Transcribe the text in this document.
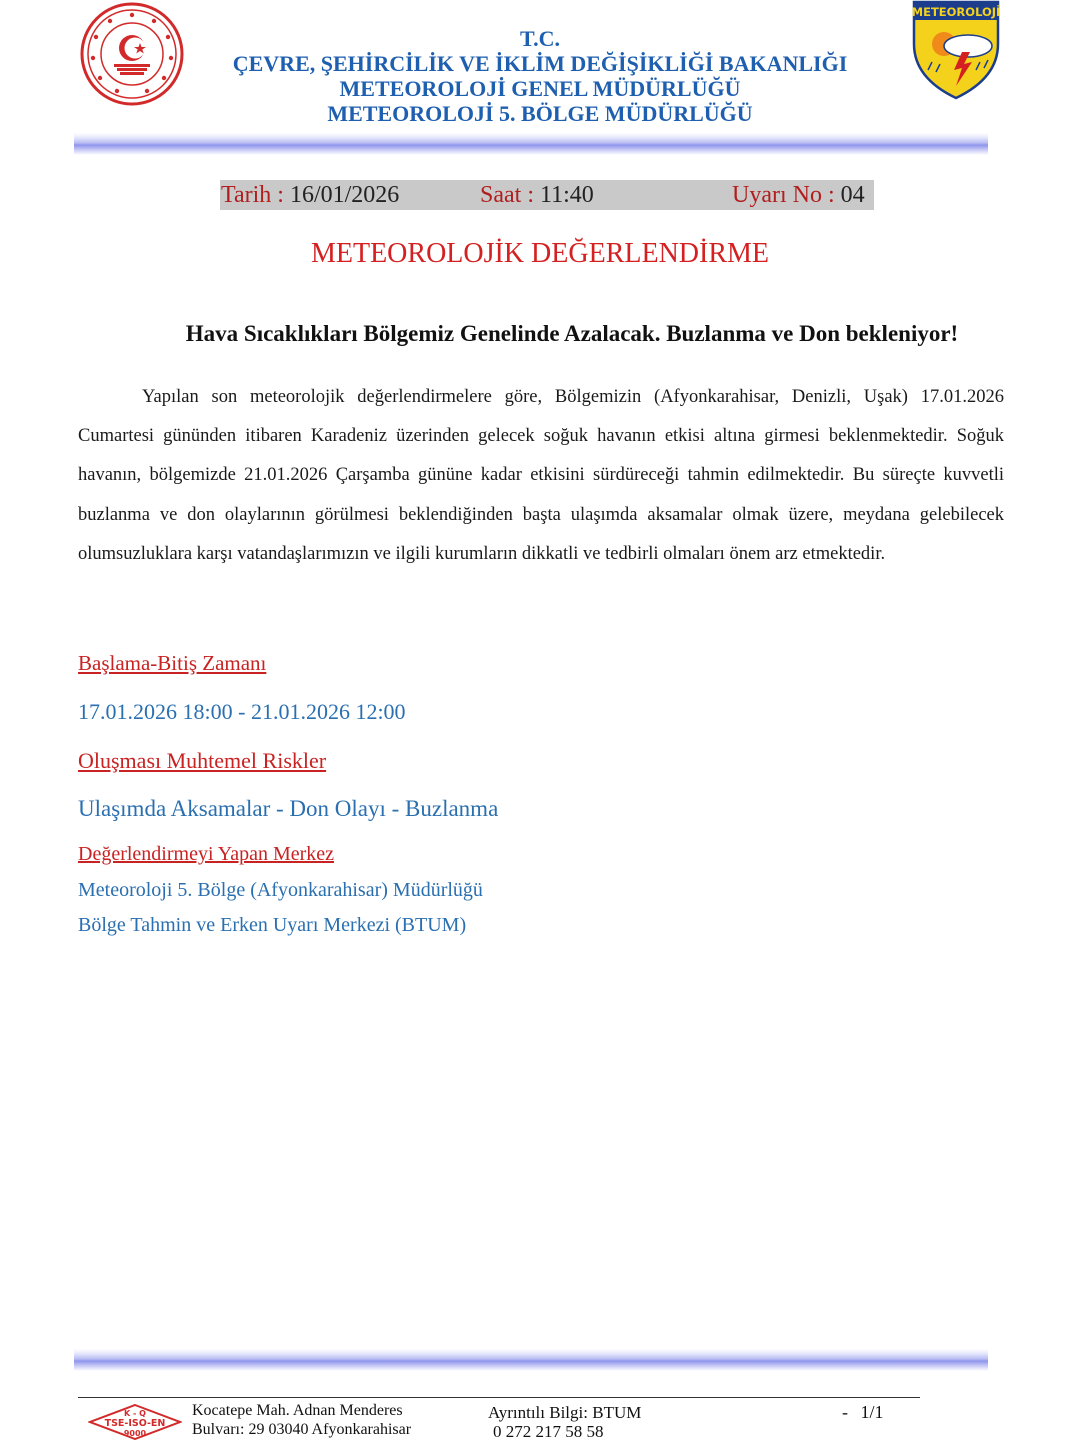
T.C.
ÇEVRE, ŞEHİRCİLİK VE İKLİM DEĞİŞİKLİĞİ BAKANLIĞI
METEOROLOJİ GENEL MÜDÜRLÜĞÜ
METEOROLOJİ 5. BÖLGE MÜDÜRLÜĞÜ
METEOROLOJİ
Tarih : 16/01/2026	Saat : 11:40	Uyarı No : 04
METEOROLOJİK DEĞERLENDİRME
Hava Sıcaklıkları Bölgemiz Genelinde Azalacak. Buzlanma ve Don bekleniyor!
Yapılan son meteorolojik değerlendirmelere göre, Bölgemizin (Afyonkarahisar, Denizli, Uşak) 17.01.2026 Cumartesi gününden itibaren Karadeniz üzerinden gelecek soğuk havanın etkisi altına girmesi beklenmektedir. Soğuk havanın, bölgemizde 21.01.2026 Çarşamba gününe kadar etkisini sürdüreceği tahmin edilmektedir. Bu süreçte kuvvetli buzlanma ve don olaylarının görülmesi beklendiğinden başta ulaşımda aksamalar olmak üzere, meydana gelebilecek olumsuzluklara karşı vatandaşlarımızın ve ilgili kurumların dikkatli ve tedbirli olmaları önem arz etmektedir.
Başlama-Bitiş Zamanı
17.01.2026 18:00 - 21.01.2026 12:00
Oluşması Muhtemel Riskler
Ulaşımda Aksamalar - Don Olayı - Buzlanma
Değerlendirmeyi Yapan Merkez
Meteoroloji 5. Bölge (Afyonkarahisar) Müdürlüğü
Bölge Tahmin ve Erken Uyarı Merkezi (BTUM)
K - Q
TSE-ISO-EN
9000
Kocatepe Mah. Adnan Menderes
Bulvarı: 29 03040 Afyonkarahisar
Ayrıntılı Bilgi: BTUM
0 272 217 58 58
- 1/1
